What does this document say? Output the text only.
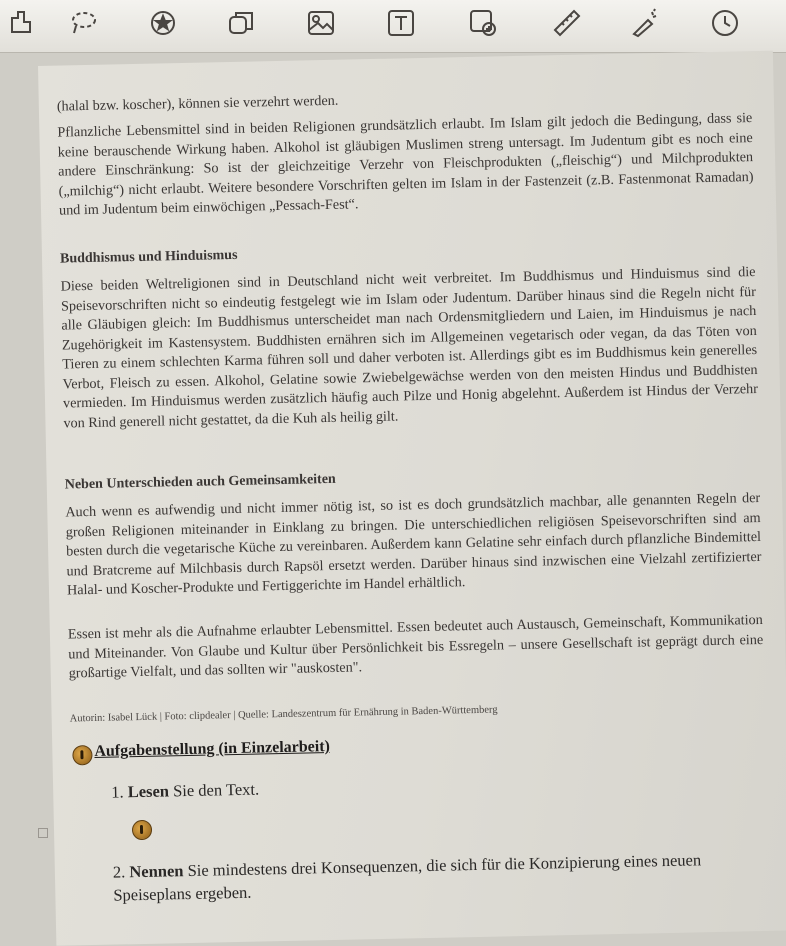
(halal bzw. koscher), können sie verzehrt werden.

Pflanzliche Lebensmittel sind in beiden Religionen grundsätzlich erlaubt. Im Islam gilt jedoch die Bedingung, dass sie keine berauschende Wirkung haben. Alkohol ist gläubigen Muslimen streng untersagt. Im Judentum gibt es noch eine andere Einschränkung: So ist der gleichzeitige Verzehr von Fleischprodukten („fleischig“) und Milchprodukten („milchig“) nicht erlaubt. Weitere besondere Vorschriften gelten im Islam in der Fastenzeit (z.B. Fastenmonat Ramadan) und im Judentum beim einwöchigen „Pessach-Fest“.

Buddhismus und Hinduismus

Diese beiden Weltreligionen sind in Deutschland nicht weit verbreitet. Im Buddhismus und Hinduismus sind die Speisevorschriften nicht so eindeutig festgelegt wie im Islam oder Judentum. Darüber hinaus sind die Regeln nicht für alle Gläubigen gleich: Im Buddhismus unterscheidet man nach Ordensmitgliedern und Laien, im Hinduismus je nach Zugehörigkeit im Kastensystem. Buddhisten ernähren sich im Allgemeinen vegetarisch oder vegan, da das Töten von Tieren zu einem schlechten Karma führen soll und daher verboten ist. Allerdings gibt es im Buddhismus kein generelles Verbot, Fleisch zu essen. Alkohol, Gelatine sowie Zwiebelgewächse werden von den meisten Hindus und Buddhisten vermieden. Im Hinduismus werden zusätzlich häufig auch Pilze und Honig abgelehnt. Außerdem ist Hindus der Verzehr von Rind generell nicht gestattet, da die Kuh als heilig gilt.

Neben Unterschieden auch Gemeinsamkeiten

Auch wenn es aufwendig und nicht immer nötig ist, so ist es doch grundsätzlich machbar, alle genannten Regeln der großen Religionen miteinander in Einklang zu bringen. Die unterschiedlichen religiösen Speisevorschriften sind am besten durch die vegetarische Küche zu vereinbaren. Außerdem kann Gelatine sehr einfach durch pflanzliche Bindemittel und Bratcreme auf Milchbasis durch Rapsöl ersetzt werden. Darüber hinaus sind inzwischen eine Vielzahl zertifizierter Halal- und Koscher-Produkte und Fertiggerichte im Handel erhältlich.

Essen ist mehr als die Aufnahme erlaubter Lebensmittel. Essen bedeutet auch Austausch, Gemeinschaft, Kommunikation und Miteinander. Von Glaube und Kultur über Persönlichkeit bis Essregeln – unsere Gesellschaft ist geprägt durch eine großartige Vielfalt, und das sollten wir "auskosten".

Autorin: Isabel Lück | Foto: clipdealer | Quelle: Landeszentrum für Ernährung in Baden-Württemberg

Aufgabenstellung (in Einzelarbeit)

1. Lesen Sie den Text.

2. Nennen Sie mindestens drei Konsequenzen, die sich für die Konzipierung eines neuen Speiseplans ergeben.
